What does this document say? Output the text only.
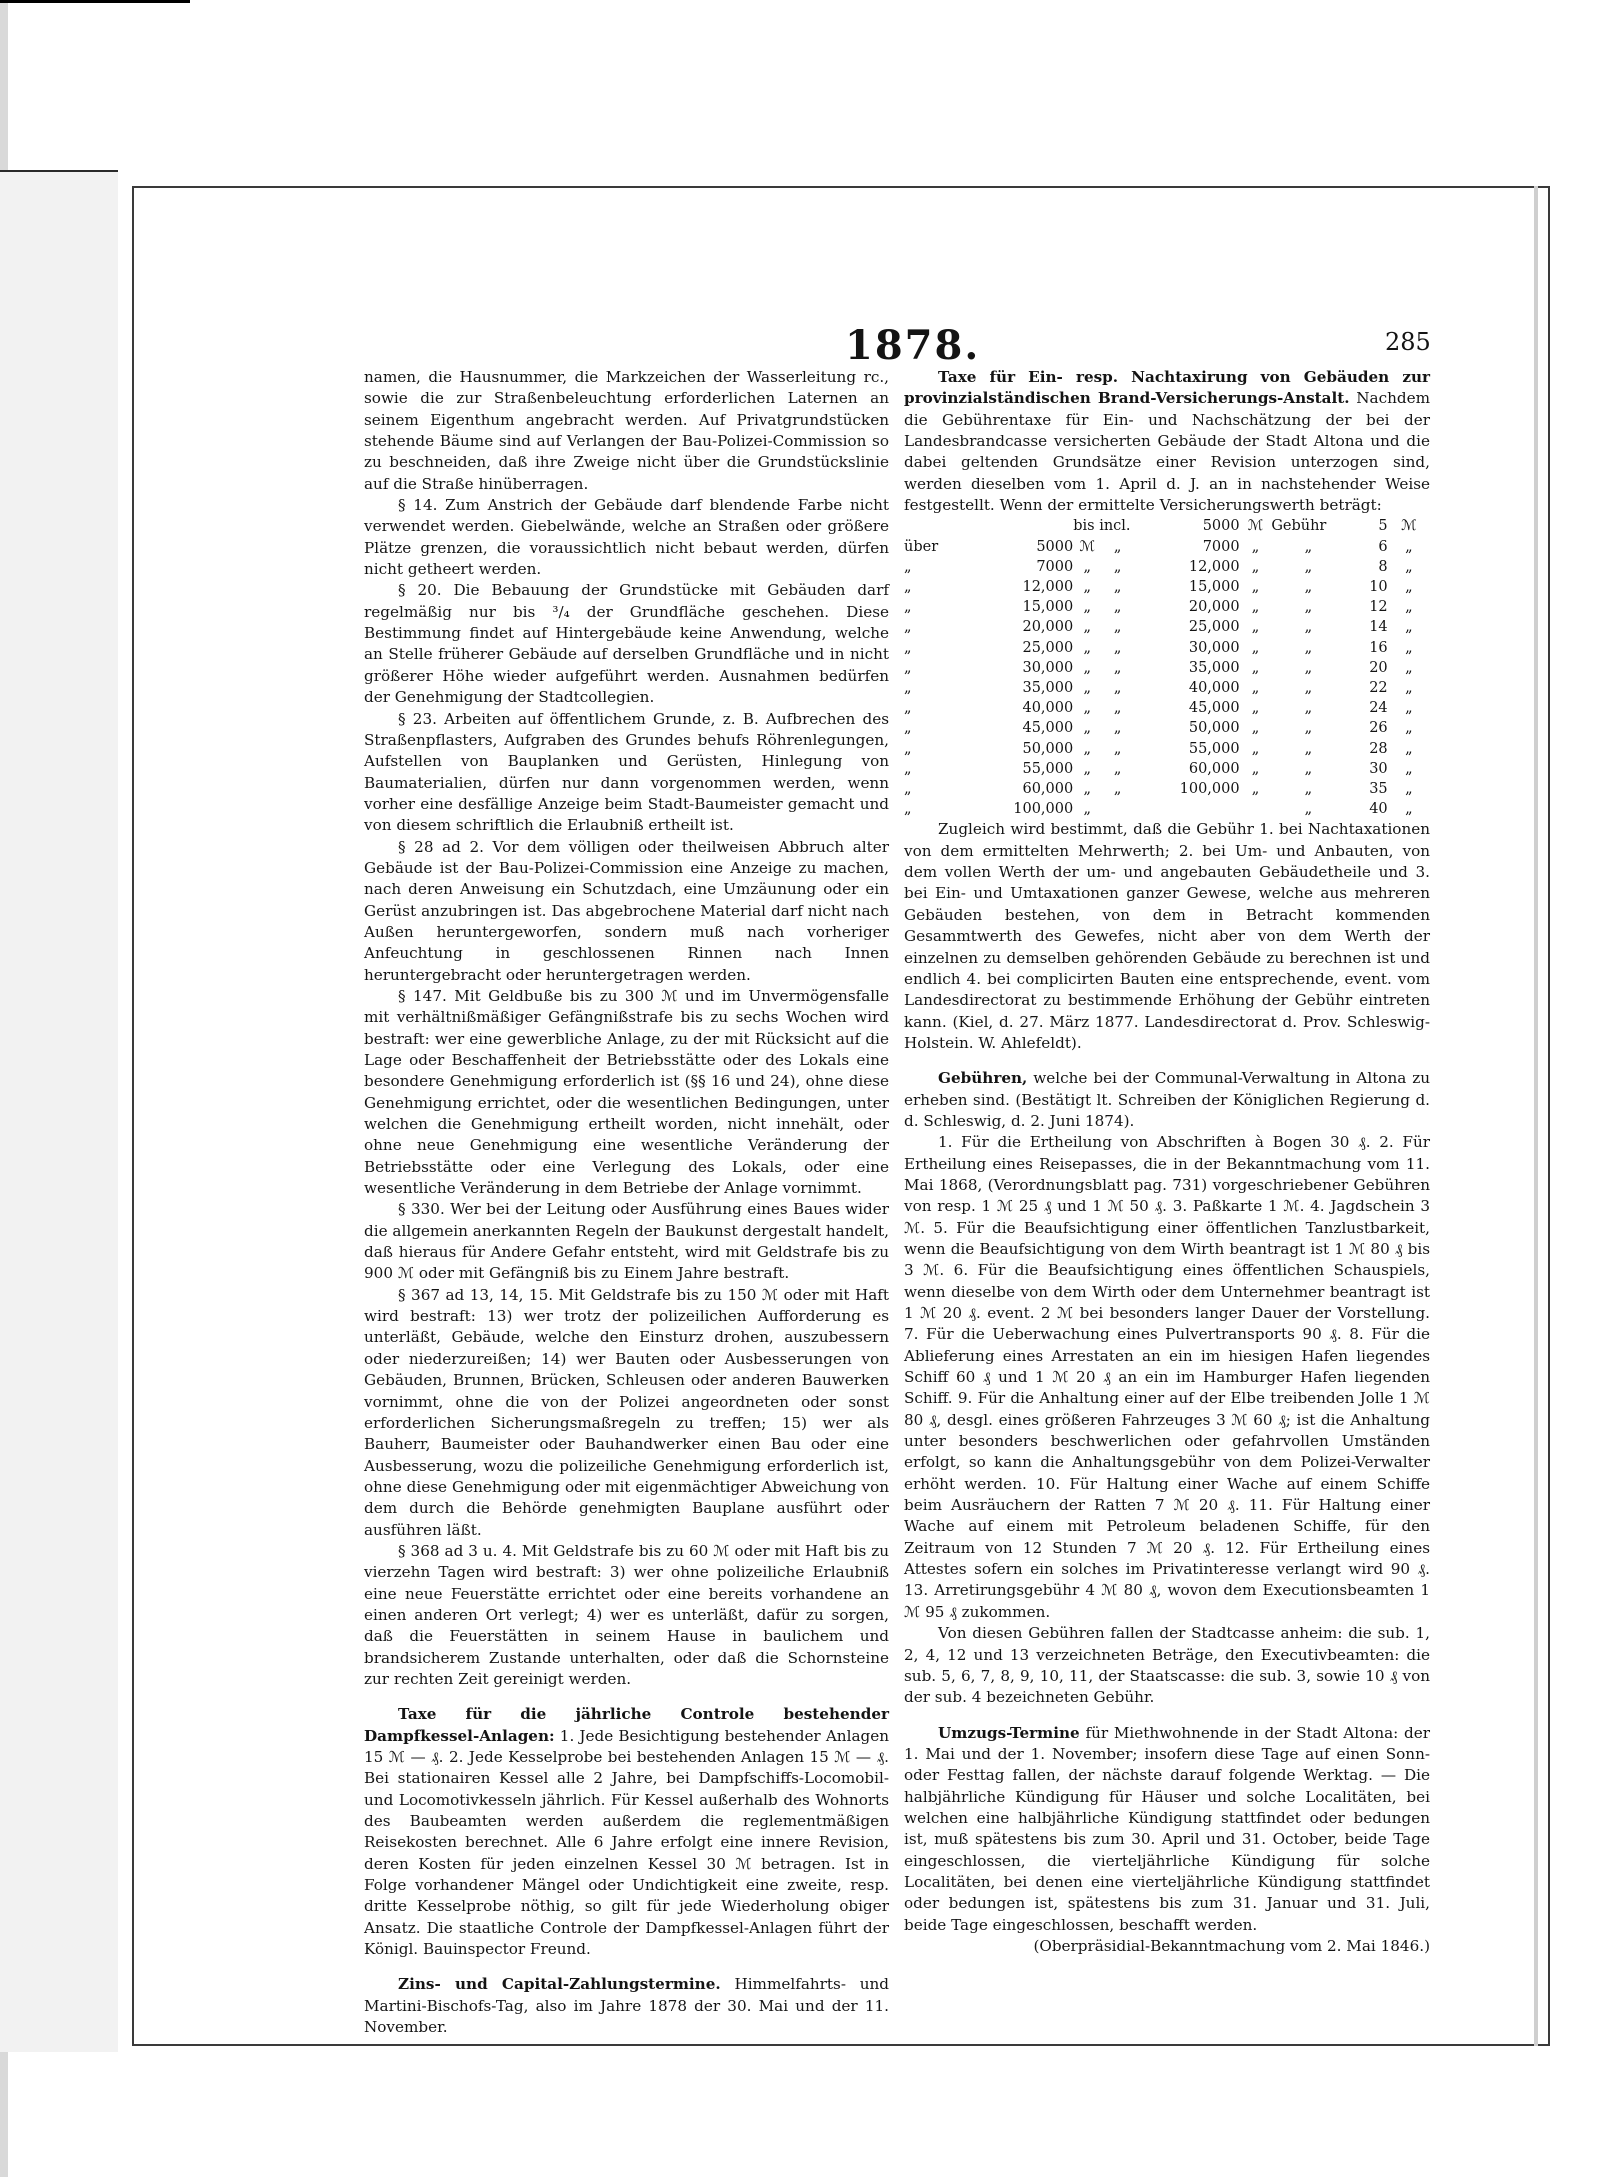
1878.	285

namen, die Hausnummer, die Markzeichen der Wasserleitung rc., sowie die zur Straßenbeleuchtung erforderlichen Laternen an seinem Eigenthum angebracht werden. Auf Privatgrundstücken stehende Bäume sind auf Verlangen der Bau-Polizei-Commission so zu beschneiden, daß ihre Zweige nicht über die Grundstückslinie auf die Straße hinüberragen.

§ 14. Zum Anstrich der Gebäude darf blendende Farbe nicht verwendet werden. Giebelwände, welche an Straßen oder größere Plätze grenzen, die voraussichtlich nicht bebaut werden, dürfen nicht getheert werden.

§ 20. Die Bebauung der Grundstücke mit Gebäuden darf regelmäßig nur bis ³/₄ der Grundfläche geschehen. Diese Bestimmung findet auf Hintergebäude keine Anwendung, welche an Stelle früherer Gebäude auf derselben Grundfläche und in nicht größerer Höhe wieder aufgeführt werden. Ausnahmen bedürfen der Genehmigung der Stadtcollegien.

§ 23. Arbeiten auf öffentlichem Grunde, z. B. Aufbrechen des Straßenpflasters, Aufgraben des Grundes behufs Röhrenlegungen, Aufstellen von Bauplanken und Gerüsten, Hinlegung von Baumaterialien, dürfen nur dann vorgenommen werden, wenn vorher eine desfällige Anzeige beim Stadt-Baumeister gemacht und von diesem schriftlich die Erlaubniß ertheilt ist.

§ 28 ad 2. Vor dem völligen oder theilweisen Abbruch alter Gebäude ist der Bau-Polizei-Commission eine Anzeige zu machen, nach deren Anweisung ein Schutzdach, eine Umzäunung oder ein Gerüst anzubringen ist. Das abgebrochene Material darf nicht nach Außen heruntergeworfen, sondern muß nach vorheriger Anfeuchtung in geschlossenen Rinnen nach Innen heruntergebracht oder heruntergetragen werden.

§ 147. Mit Geldbuße bis zu 300 ℳ und im Unvermögensfalle mit verhältnißmäßiger Gefängnißstrafe bis zu sechs Wochen wird bestraft: wer eine gewerbliche Anlage, zu der mit Rücksicht auf die Lage oder Beschaffenheit der Betriebsstätte oder des Lokals eine besondere Genehmigung erforderlich ist (§§ 16 und 24), ohne diese Genehmigung errichtet, oder die wesentlichen Bedingungen, unter welchen die Genehmigung ertheilt worden, nicht innehält, oder ohne neue Genehmigung eine wesentliche Veränderung der Betriebsstätte oder eine Verlegung des Lokals, oder eine wesentliche Veränderung in dem Betriebe der Anlage vornimmt.

§ 330. Wer bei der Leitung oder Ausführung eines Baues wider die allgemein anerkannten Regeln der Baukunst dergestalt handelt, daß hieraus für Andere Gefahr entsteht, wird mit Geldstrafe bis zu 900 ℳ oder mit Gefängniß bis zu Einem Jahre bestraft.

§ 367 ad 13, 14, 15. Mit Geldstrafe bis zu 150 ℳ oder mit Haft wird bestraft: 13) wer trotz der polizeilichen Aufforderung es unterläßt, Gebäude, welche den Einsturz drohen, auszubessern oder niederzureißen; 14) wer Bauten oder Ausbesserungen von Gebäuden, Brunnen, Brücken, Schleusen oder anderen Bauwerken vornimmt, ohne die von der Polizei angeordneten oder sonst erforderlichen Sicherungsmaßregeln zu treffen; 15) wer als Bauherr, Baumeister oder Bauhandwerker einen Bau oder eine Ausbesserung, wozu die polizeiliche Genehmigung erforderlich ist, ohne diese Genehmigung oder mit eigenmächtiger Abweichung von dem durch die Behörde genehmigten Bauplane ausführt oder ausführen läßt.

§ 368 ad 3 u. 4. Mit Geldstrafe bis zu 60 ℳ oder mit Haft bis zu vierzehn Tagen wird bestraft: 3) wer ohne polizeiliche Erlaubniß eine neue Feuerstätte errichtet oder eine bereits vorhandene an einen anderen Ort verlegt; 4) wer es unterläßt, dafür zu sorgen, daß die Feuerstätten in seinem Hause in baulichem und brandsicherem Zustande unterhalten, oder daß die Schornsteine zur rechten Zeit gereinigt werden.

Taxe für die jährliche Controle bestehender Dampfkessel-Anlagen: 1. Jede Besichtigung bestehender Anlagen 15 ℳ — ₰. 2. Jede Kesselprobe bei bestehenden Anlagen 15 ℳ — ₰. Bei stationairen Kessel alle 2 Jahre, bei Dampfschiffs-Locomobil- und Locomotivkesseln jährlich. Für Kessel außerhalb des Wohnorts des Baubeamten werden außerdem die reglementmäßigen Reisekosten berechnet. Alle 6 Jahre erfolgt eine innere Revision, deren Kosten für jeden einzelnen Kessel 30 ℳ betragen. Ist in Folge vorhandener Mängel oder Undichtigkeit eine zweite, resp. dritte Kesselprobe nöthig, so gilt für jede Wiederholung obiger Ansatz. Die staatliche Controle der Dampfkessel-Anlagen führt der Königl. Bauinspector Freund.

Zins- und Capital-Zahlungstermine. Himmelfahrts- und Martini-Bischofs-Tag, also im Jahre 1878 der 30. Mai und der 11. November.

Taxe für Ein- resp. Nachtaxirung von Gebäuden zur provinzialständischen Brand-Versicherungs-Anstalt. Nachdem die Gebührentaxe für Ein- und Nachschätzung der bei der Landesbrandcasse versicherten Gebäude der Stadt Altona und die dabei geltenden Grundsätze einer Revision unterzogen sind, werden dieselben vom 1. April d. J. an in nachstehender Weise festgestellt. Wenn der ermittelte Versicherungswerth beträgt:

		bis incl.		5000	ℳ	Gebühr	5	ℳ
über	5000	ℳ	„	7000	„	„	6	„
„	7000	„	„	12,000	„	„	8	„
„	12,000	„	„	15,000	„	„	10	„
„	15,000	„	„	20,000	„	„	12	„
„	20,000	„	„	25,000	„	„	14	„
„	25,000	„	„	30,000	„	„	16	„
„	30,000	„	„	35,000	„	„	20	„
„	35,000	„	„	40,000	„	„	22	„
„	40,000	„	„	45,000	„	„	24	„
„	45,000	„	„	50,000	„	„	26	„
„	50,000	„	„	55,000	„	„	28	„
„	55,000	„	„	60,000	„	„	30	„
„	60,000	„	„	100,000	„	„	35	„
„	100,000	„				„	40	„

Zugleich wird bestimmt, daß die Gebühr 1. bei Nachtaxationen von dem ermittelten Mehrwerth; 2. bei Um- und Anbauten, von dem vollen Werth der um- und angebauten Gebäudetheile und 3. bei Ein- und Umtaxationen ganzer Gewese, welche aus mehreren Gebäuden bestehen, von dem in Betracht kommenden Gesammtwerth des Gewefes, nicht aber von dem Werth der einzelnen zu demselben gehörenden Gebäude zu berechnen ist und endlich 4. bei complicirten Bauten eine entsprechende, event. vom Landesdirectorat zu bestimmende Erhöhung der Gebühr eintreten kann. (Kiel, d. 27. März 1877. Landesdirectorat d. Prov. Schleswig-Holstein. W. Ahlefeldt).

Gebühren, welche bei der Communal-Verwaltung in Altona zu erheben sind. (Bestätigt lt. Schreiben der Königlichen Regierung d. d. Schleswig, d. 2. Juni 1874).

1. Für die Ertheilung von Abschriften à Bogen 30 ₰. 2. Für Ertheilung eines Reisepasses, die in der Bekanntmachung vom 11. Mai 1868, (Verordnungsblatt pag. 731) vorgeschriebener Gebühren von resp. 1 ℳ 25 ₰ und 1 ℳ 50 ₰. 3. Paßkarte 1 ℳ. 4. Jagdschein 3 ℳ. 5. Für die Beaufsichtigung einer öffentlichen Tanzlustbarkeit, wenn die Beaufsichtigung von dem Wirth beantragt ist 1 ℳ 80 ₰ bis 3 ℳ. 6. Für die Beaufsichtigung eines öffentlichen Schauspiels, wenn dieselbe von dem Wirth oder dem Unternehmer beantragt ist 1 ℳ 20 ₰. event. 2 ℳ bei besonders langer Dauer der Vorstellung. 7. Für die Ueberwachung eines Pulvertransports 90 ₰. 8. Für die Ablieferung eines Arrestaten an ein im hiesigen Hafen liegendes Schiff 60 ₰ und 1 ℳ 20 ₰ an ein im Hamburger Hafen liegenden Schiff. 9. Für die Anhaltung einer auf der Elbe treibenden Jolle 1 ℳ 80 ₰, desgl. eines größeren Fahrzeuges 3 ℳ 60 ₰; ist die Anhaltung unter besonders beschwerlichen oder gefahrvollen Umständen erfolgt, so kann die Anhaltungsgebühr von dem Polizei-Verwalter erhöht werden. 10. Für Haltung einer Wache auf einem Schiffe beim Ausräuchern der Ratten 7 ℳ 20 ₰. 11. Für Haltung einer Wache auf einem mit Petroleum beladenen Schiffe, für den Zeitraum von 12 Stunden 7 ℳ 20 ₰. 12. Für Ertheilung eines Attestes sofern ein solches im Privatinteresse verlangt wird 90 ₰. 13. Arretirungsgebühr 4 ℳ 80 ₰, wovon dem Executionsbeamten 1 ℳ 95 ₰ zukommen.

Von diesen Gebühren fallen der Stadtcasse anheim: die sub. 1, 2, 4, 12 und 13 verzeichneten Beträge, den Executivbeamten: die sub. 5, 6, 7, 8, 9, 10, 11, der Staatscasse: die sub. 3, sowie 10 ₰ von der sub. 4 bezeichneten Gebühr.

Umzugs-Termine für Miethwohnende in der Stadt Altona: der 1. Mai und der 1. November; insofern diese Tage auf einen Sonn- oder Festtag fallen, der nächste darauf folgende Werktag. — Die halbjährliche Kündigung für Häuser und solche Localitäten, bei welchen eine halbjährliche Kündigung stattfindet oder bedungen ist, muß spätestens bis zum 30. April und 31. October, beide Tage eingeschlossen, die vierteljährliche Kündigung für solche Localitäten, bei denen eine vierteljährliche Kündigung stattfindet oder bedungen ist, spätestens bis zum 31. Januar und 31. Juli, beide Tage eingeschlossen, beschafft werden.

(Oberpräsidial-Bekanntmachung vom 2. Mai 1846.)
